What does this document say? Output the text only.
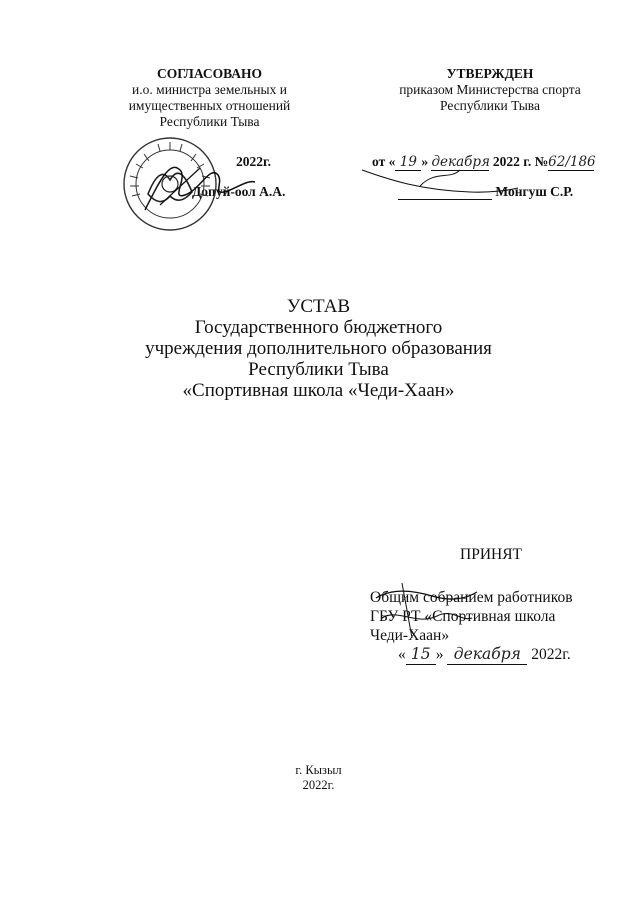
СОГЛАСОВАНО
и.о. министра земельных и
имущественных отношений
Республики Тыва
2022г.
Допуй-оол А.А.
УТВЕРЖДЕН
приказом Министерства спорта
Республики Тыва
от « 19 » декабря 2022 г. №62/186
Монгуш С.Р.
УСТАВ
Государственного бюджетного
учреждения дополнительного образования
Республики Тыва
«Спортивная школа «Чеди-Хаан»
ПРИНЯТ
Общим собранием работников
ГБУ РТ «Спортивная школа
Чеди-Хаан»
« 15 » декабря 2022г.
г. Кызыл
2022г.
